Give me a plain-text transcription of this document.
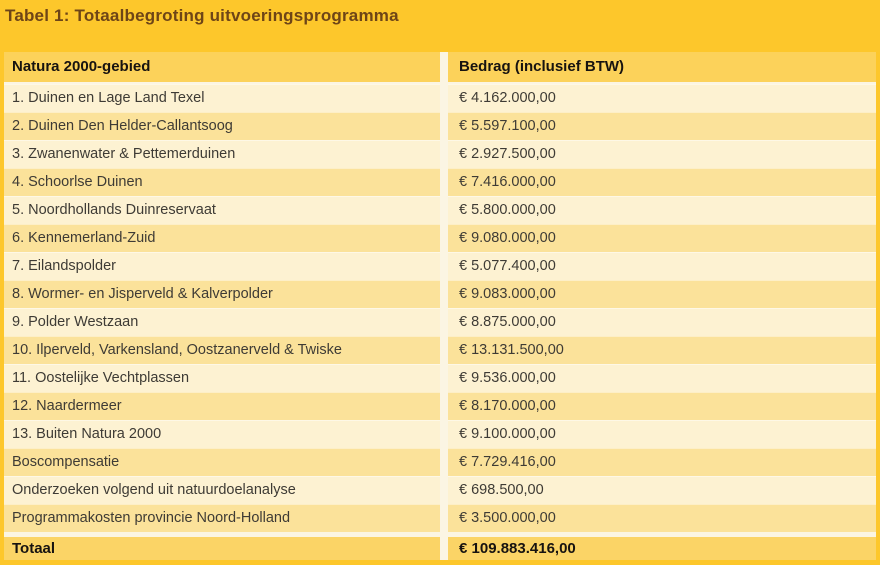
Tabel 1: Totaalbegroting uitvoeringsprogramma
Natura 2000-gebied	Bedrag (inclusief BTW)
1. Duinen en Lage Land Texel	€ 4.162.000,00
2. Duinen Den Helder-Callantsoog	€ 5.597.100,00
3. Zwanenwater & Pettemerduinen	€ 2.927.500,00
4. Schoorlse Duinen	€ 7.416.000,00
5. Noordhollands Duinreservaat	€ 5.800.000,00
6. Kennemerland-Zuid	€ 9.080.000,00
7. Eilandspolder	€ 5.077.400,00
8. Wormer- en Jisperveld & Kalverpolder	€ 9.083.000,00
9. Polder Westzaan	€ 8.875.000,00
10. Ilperveld, Varkensland, Oostzanerveld & Twiske	€ 13.131.500,00
11. Oostelijke Vechtplassen	€ 9.536.000,00
12. Naardermeer	€ 8.170.000,00
13. Buiten Natura 2000	€ 9.100.000,00
Boscompensatie	€ 7.729.416,00
Onderzoeken volgend uit natuurdoelanalyse	€ 698.500,00
Programmakosten provincie Noord-Holland	€ 3.500.000,00
Totaal	€ 109.883.416,00
